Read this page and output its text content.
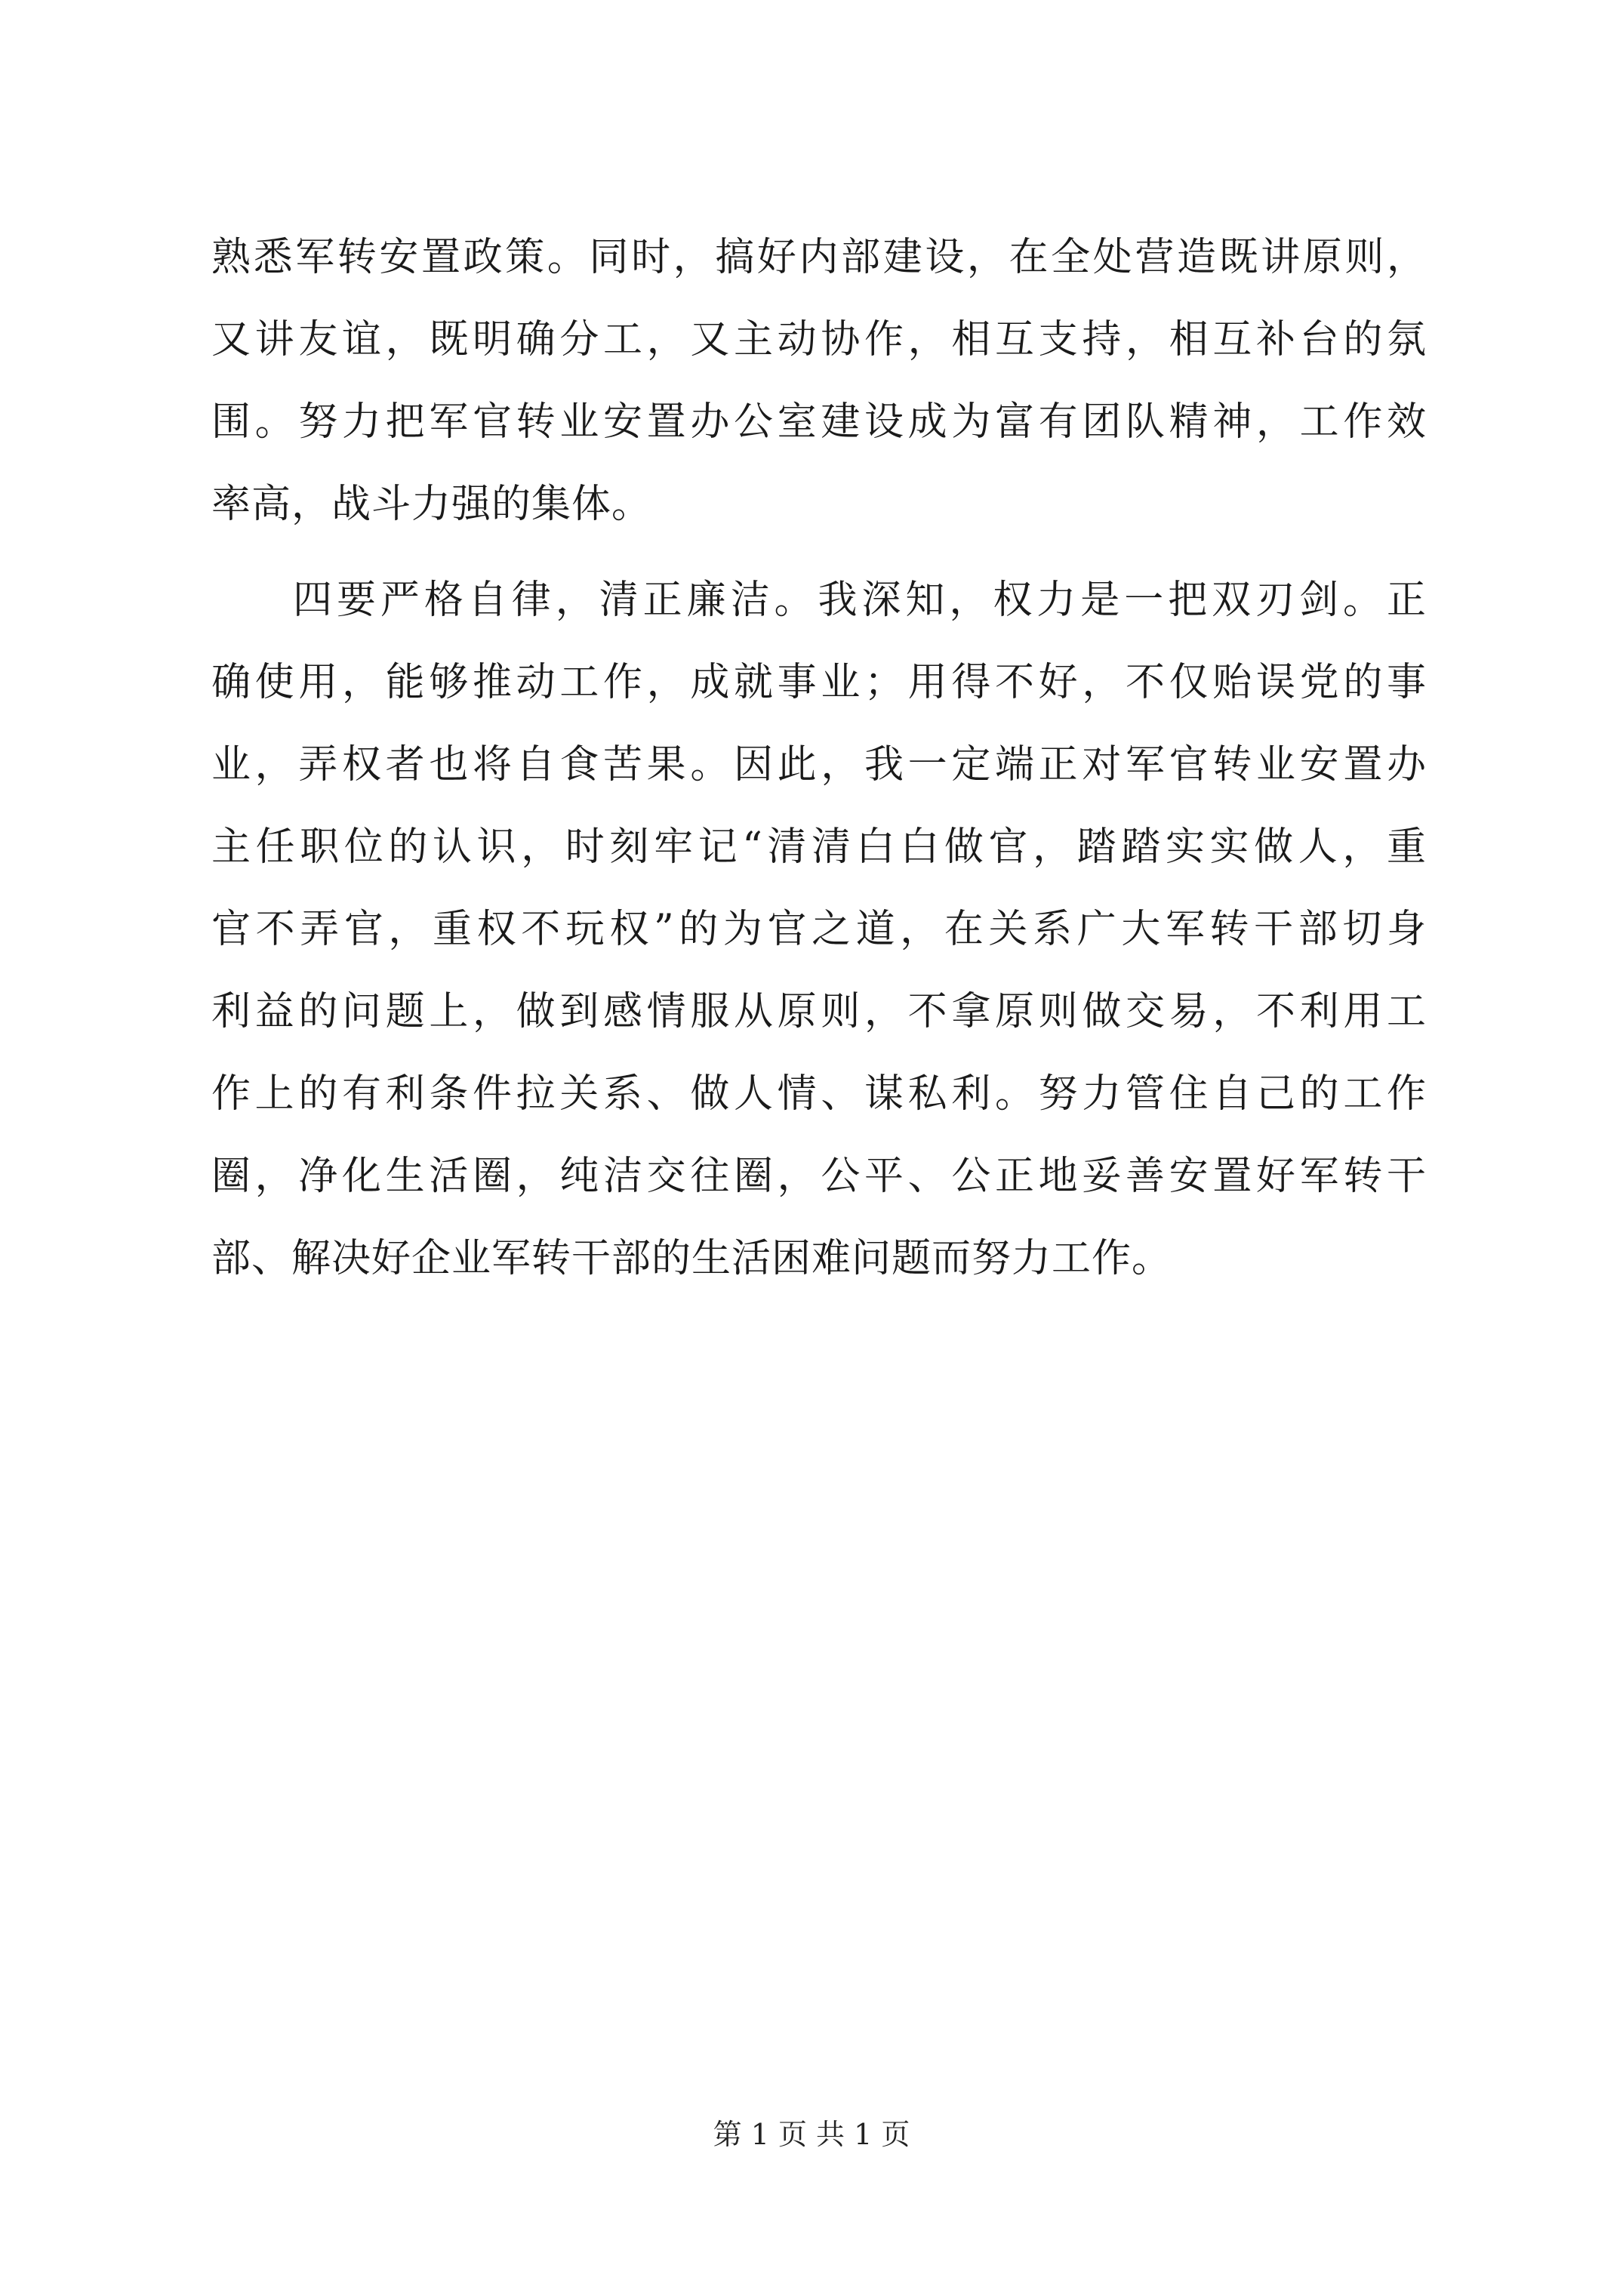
熟悉军转安置政策。同时，搞好内部建设，在全处营造既讲原则，
又讲友谊，既明确分工，又主动协作，相互支持，相互补台的氛
围。努力把军官转业安置办公室建设成为富有团队精神，工作效
率高，战斗力强的集体。
四要严格自律，清正廉洁。我深知，权力是一把双刃剑。正
确使用，能够推动工作，成就事业；用得不好，不仅贻误党的事
业，弄权者也将自食苦果。因此，我一定端正对军官转业安置办
主任职位的认识，时刻牢记“清清白白做官，踏踏实实做人，重
官不弄官，重权不玩权”的为官之道，在关系广大军转干部切身
利益的问题上，做到感情服从原则，不拿原则做交易，不利用工
作上的有利条件拉关系、做人情、谋私利。努力管住自己的工作
圈，净化生活圈，纯洁交往圈，公平、公正地妥善安置好军转干
部、解决好企业军转干部的生活困难问题而努力工作。
第 1 页 共 1 页
